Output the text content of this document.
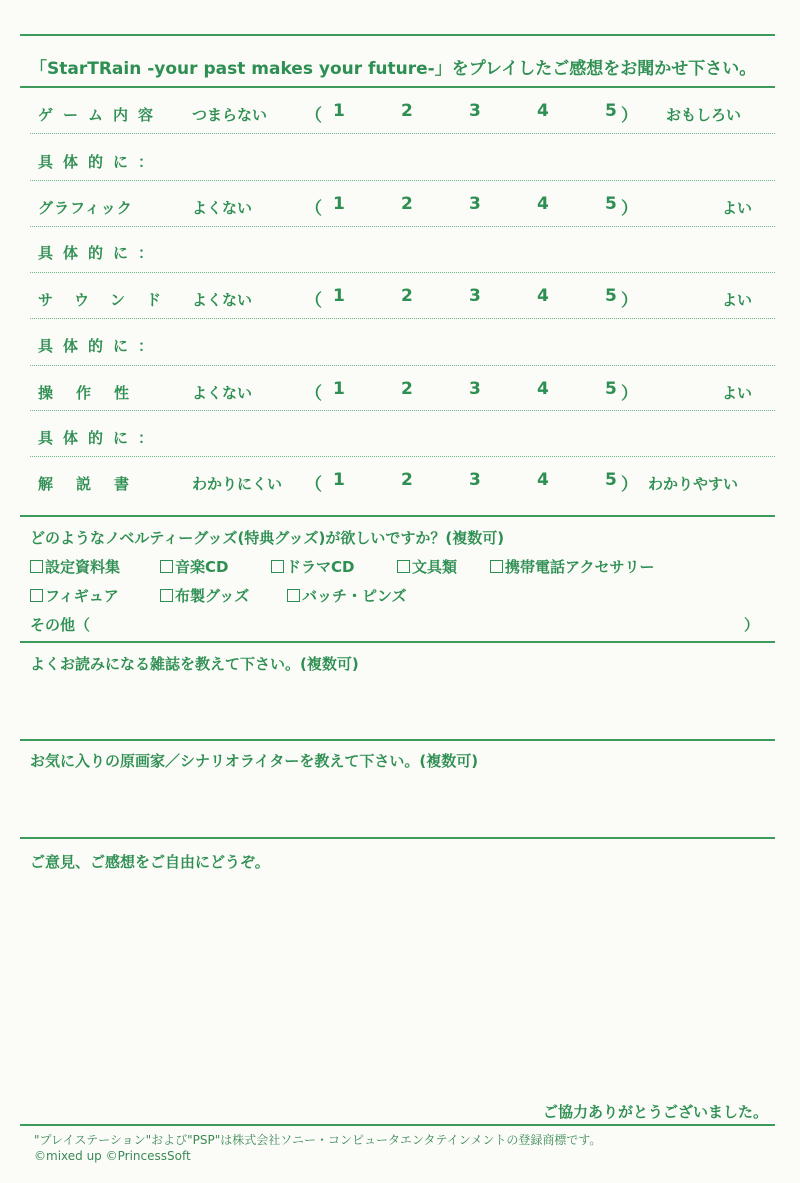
「StarTRain -your past makes your future-」をプレイしたご感想をお聞かせ下さい。
ゲーム内容 つまらない （ 1	2	3	4	5 ） おもしろい
具体的に：
グラフィック	よくない	（ 1	2	3	4	5 ）	よい
具体的に：
サウンド よくない	（ 1	2	3	4	5 ）	よい
具体的に：
操作性	よくない	（ 1	2	3	4	5 ）	よい
具体的に：
解説書	わかりにくい （ 1	2	3	4	5 ） わかりやすい
どのようなノベルティーグッズ(特典グッズ)が欲しいですか？(複数可)
設定資料集	音楽CD	ドラマCD	文具類	携帯電話アクセサリー
フィギュア	布製グッズ	バッチ・ピンズ
その他（	）
よくお読みになる雑誌を教えて下さい。(複数可)
お気に入りの原画家／シナリオライターを教えて下さい。(複数可)
ご意見、ご感想をご自由にどうぞ。
ご協力ありがとうございました。
"プレイステーション"および"PSP"は株式会社ソニー・コンピュータエンタテインメントの登録商標です。
©mixed up ©PrincessSoft
